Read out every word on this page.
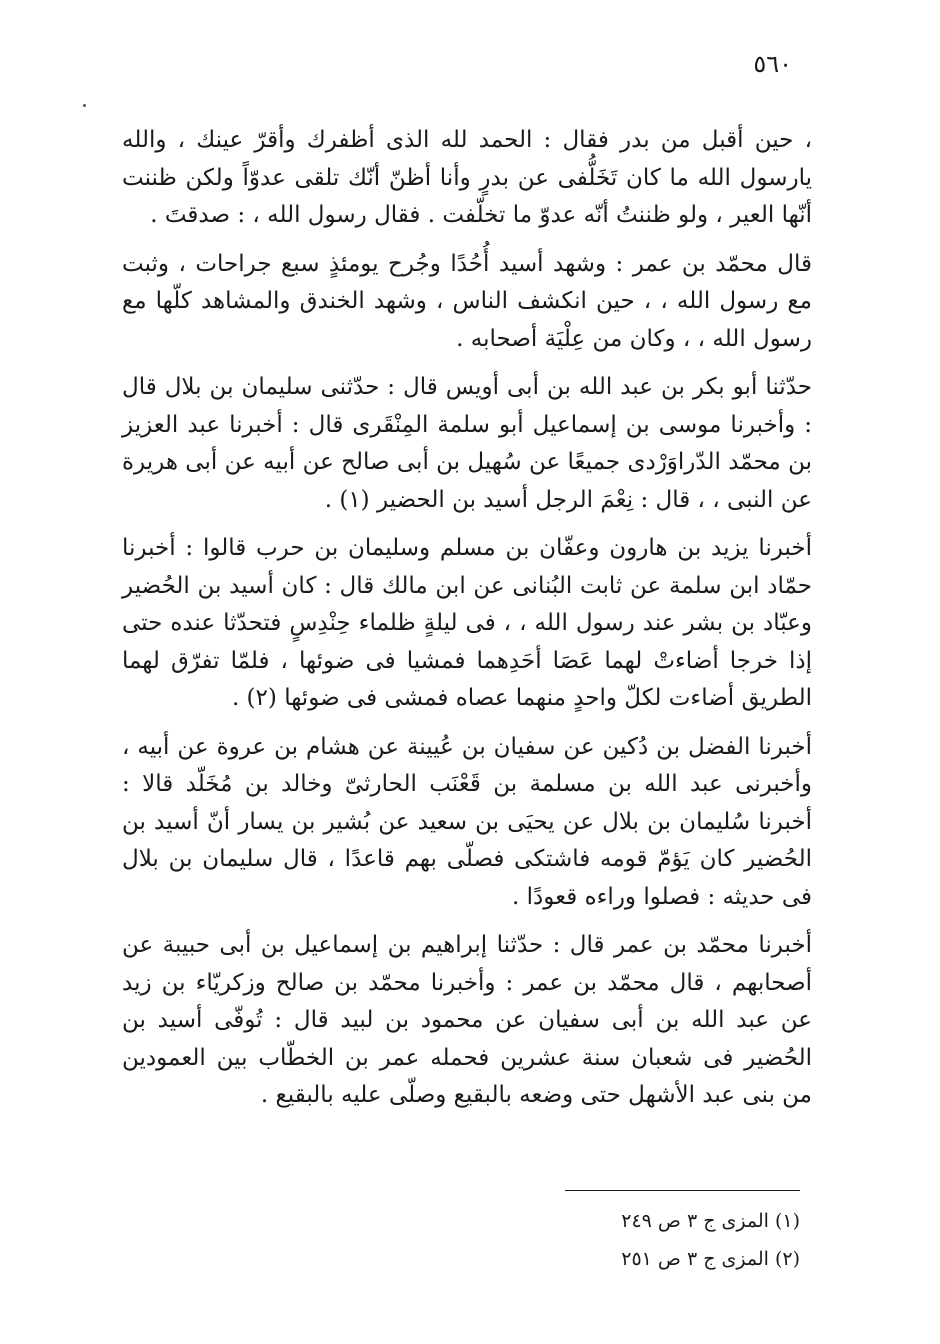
٥٦٠

، حين أقبل من بدر فقال : الحمد لله الذى أظفرك وأقرّ عينك ، والله يارسول الله ما كان تَخَلُّفى عن بدرٍ وأنا أظنّ أنّك تلقى عدوّاً ولكن ظننت أنّها العير ، ولو ظننتُ أنّه عدوّ ما تخلّفت . فقال رسول الله ، : صدقتَ .

قال محمّد بن عمر : وشهد أسيد أُحُدًا وجُرح يومئذٍ سبع جراحات ، وثبت مع رسول الله ، ، حين انكشف الناس ، وشهد الخندق والمشاهد كلّها مع رسول الله ، ، وكان من عِلْيَة أصحابه .

حدّثنا أبو بكر بن عبد الله بن أبى أويس قال : حدّثنى سليمان بن بلال قال : وأخبرنا موسى بن إسماعيل أبو سلمة المِنْقَرى قال : أخبرنا عبد العزيز بن محمّد الدّراوَرْدى جميعًا عن سُهيل بن أبى صالح عن أبيه عن أبى هريرة عن النبى ، ، قال : نِعْمَ الرجل أسيد بن الحضير (١) .

أخبرنا يزيد بن هارون وعفّان بن مسلم وسليمان بن حرب قالوا : أخبرنا حمّاد ابن سلمة عن ثابت البُنانى عن ابن مالك قال : كان أسيد بن الحُضير وعبّاد بن بشر عند رسول الله ، ، فى ليلةٍ ظلماء حِنْدِسٍ فتحدّثا عنده حتى إذا خرجا أضاءتْ لهما عَصَا أحَدِهما فمشيا فى ضوئها ، فلمّا تفرّق لهما الطريق أضاءت لكلّ واحدٍ منهما عصاه فمشى فى ضوئها (٢) .

أخبرنا الفضل بن دُكين عن سفيان بن عُيينة عن هشام بن عروة عن أبيه ، وأخبرنى عبد الله بن مسلمة بن قَعْنَب الحارثىّ وخالد بن مُخَلّد قالا : أخبرنا سُليمان بن بلال عن يحيَى بن سعيد عن بُشير بن يسار أنّ أسيد بن الحُضير كان يَؤمّ قومه فاشتكى فصلّى بهم قاعدًا ، قال سليمان بن بلال فى حديثه : فصلوا وراءه قعودًا .

أخبرنا محمّد بن عمر قال : حدّثنا إبراهيم بن إسماعيل بن أبى حبيبة عن أصحابهم ، قال محمّد بن عمر : وأخبرنا محمّد بن صالح وزكريّاء بن زيد عن عبد الله بن أبى سفيان عن محمود بن لبيد قال : تُوفّى أسيد بن الحُضير فى شعبان سنة عشرين فحمله عمر بن الخطّاب بين العمودين من بنى عبد الأشهل حتى وضعه بالبقيع وصلّى عليه بالبقيع .

(١) المزى ج ٣ ص ٢٤٩

(٢) المزى ج ٣ ص ٢٥١
